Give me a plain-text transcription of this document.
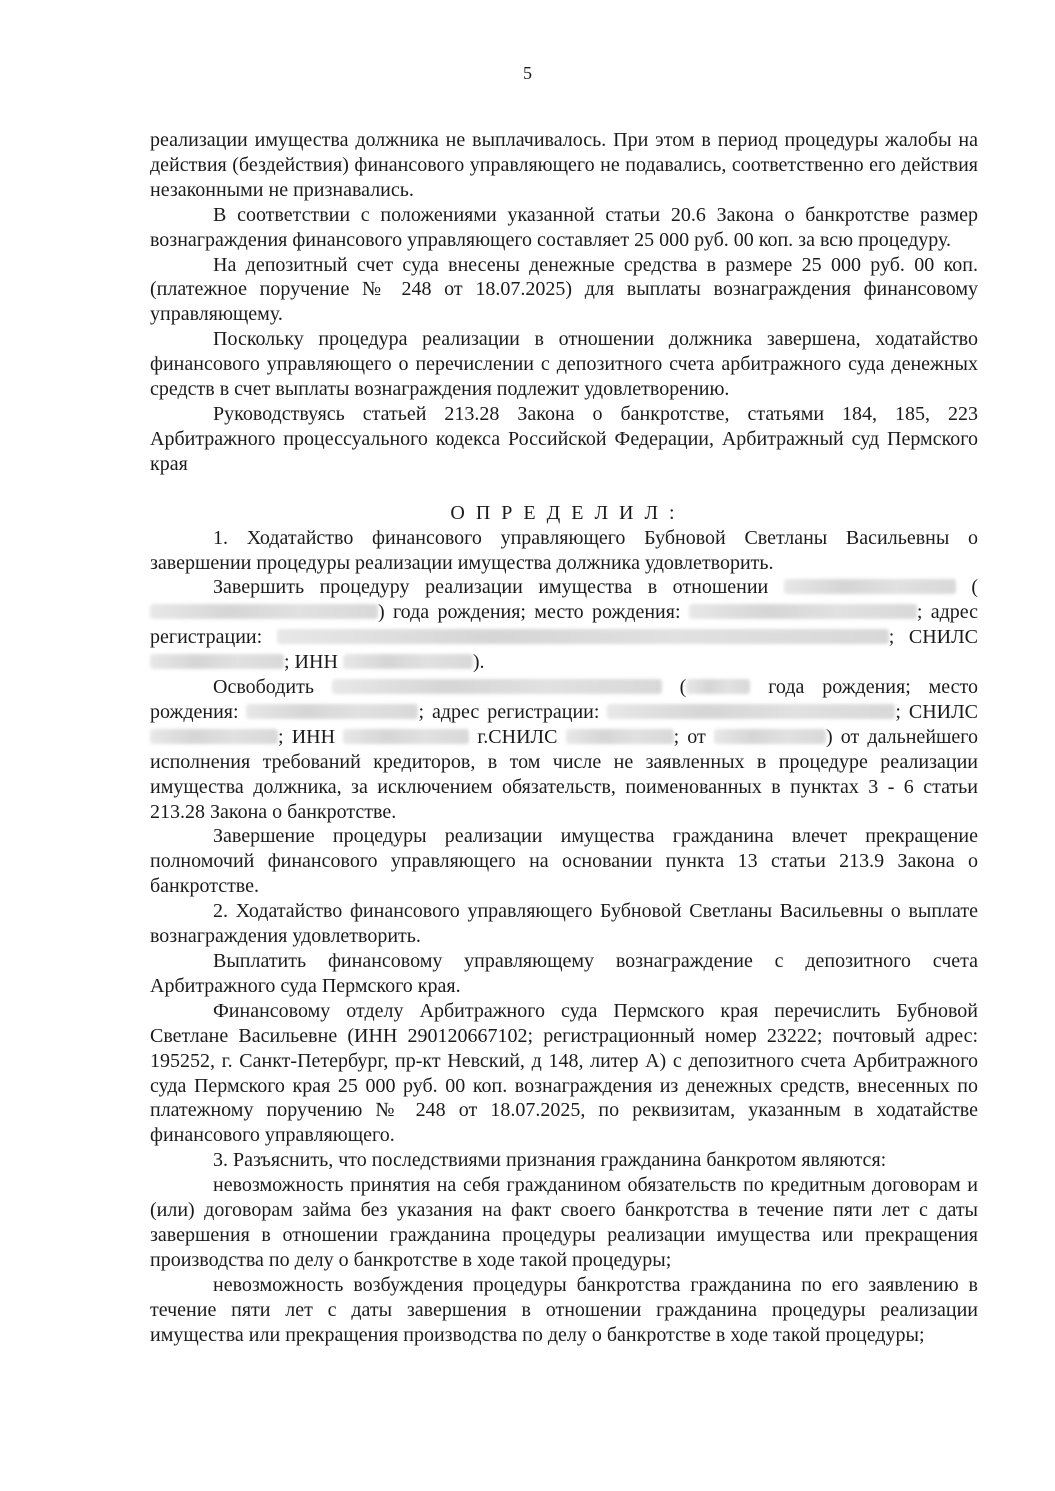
5

реализации имущества должника не выплачивалось. При этом в период процедуры жалобы на действия (бездействия) финансового управляющего не подавались, соответственно его действия незаконными не признавались.

В соответствии с положениями указанной статьи 20.6 Закона о банкротстве размер вознаграждения финансового управляющего составляет 25 000 руб. 00 коп. за всю процедуру.

На депозитный счет суда внесены денежные средства в размере 25 000 руб. 00 коп. (платежное поручение № 248 от 18.07.2025) для выплаты вознаграждения финансовому управляющему.

Поскольку процедура реализации в отношении должника завершена, ходатайство финансового управляющего о перечислении с депозитного счета арбитражного суда денежных средств в счет выплаты вознаграждения подлежит удовлетворению.

Руководствуясь статьей 213.28 Закона о банкротстве, статьями 184, 185, 223 Арбитражного процессуального кодекса Российской Федерации, Арбитражный суд Пермского края

О П Р Е Д Е Л И Л :

1. Ходатайство финансового управляющего Бубновой Светланы Васильевны о завершении процедуры реализации имущества должника удовлетворить.

Завершить процедуру реализации имущества в отношении	() года рождения; место рождения:	; адрес регистрации:	; СНИЛС ; ИНН	).

Освободить	(	года рождения; место рождения:	; адрес регистрации:	; СНИЛС ; ИНН	г.СНИЛС	; от	) от дальнейшего исполнения требований кредиторов, в том числе не заявленных в процедуре реализации имущества должника, за исключением обязательств, поименованных в пунктах 3 - 6 статьи 213.28 Закона о банкротстве.

Завершение процедуры реализации имущества гражданина влечет прекращение полномочий финансового управляющего на основании пункта 13 статьи 213.9 Закона о банкротстве.

2. Ходатайство финансового управляющего Бубновой Светланы Васильевны о выплате вознаграждения удовлетворить.

Выплатить финансовому управляющему вознаграждение с депозитного счета Арбитражного суда Пермского края.

Финансовому отделу Арбитражного суда Пермского края перечислить Бубновой Светлане Васильевне (ИНН 290120667102; регистрационный номер 23222; почтовый адрес: 195252, г. Санкт-Петербург, пр-кт Невский, д 148, литер А) с депозитного счета Арбитражного суда Пермского края 25 000 руб. 00 коп. вознаграждения из денежных средств, внесенных по платежному поручению № 248 от 18.07.2025, по реквизитам, указанным в ходатайстве финансового управляющего.

3. Разъяснить, что последствиями признания гражданина банкротом являются:

невозможность принятия на себя гражданином обязательств по кредитным договорам и (или) договорам займа без указания на факт своего банкротства в течение пяти лет с даты завершения в отношении гражданина процедуры реализации имущества или прекращения производства по делу о банкротстве в ходе такой процедуры;

невозможность возбуждения процедуры банкротства гражданина по его заявлению в течение пяти лет с даты завершения в отношении гражданина процедуры реализации имущества или прекращения производства по делу о банкротстве в ходе такой процедуры;
